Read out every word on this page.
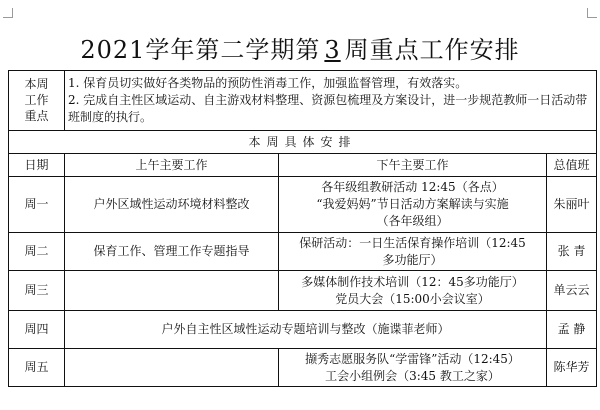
2021学年第二学期第 3 周重点工作安排
本周工作重点	1. 保育员切实做好各类物品的预防性消毒工作，加强监督管理，有效落实。
2. 完成自主性区域运动、自主游戏材料整理、资源包梳理及方案设计，进一步规范教师一日活动带班制度的执行。		

本周具体安排			
日期	上午主要工作	下午主要工作	总值班
周一	户外区域性运动环境材料整改	各年级组教研活动 12:45（各点）
“我爱妈妈”节日活动方案解读与实施
（各年级组）	朱丽叶
周二	保育工作、管理工作专题指导	保研活动：一日生活保育操作培训（12:45
多功能厅）	张 青
周三		多媒体制作技术培训（12：45多功能厅）
党员大会（15:00小会议室）	单云云
周四	户外自主性区域性运动专题培训与整改（施谍菲老师）		孟 静
周五		撷秀志愿服务队“学雷锋”活动（12:45）
工会小组例会（3:45 教工之家）	陈华芳
